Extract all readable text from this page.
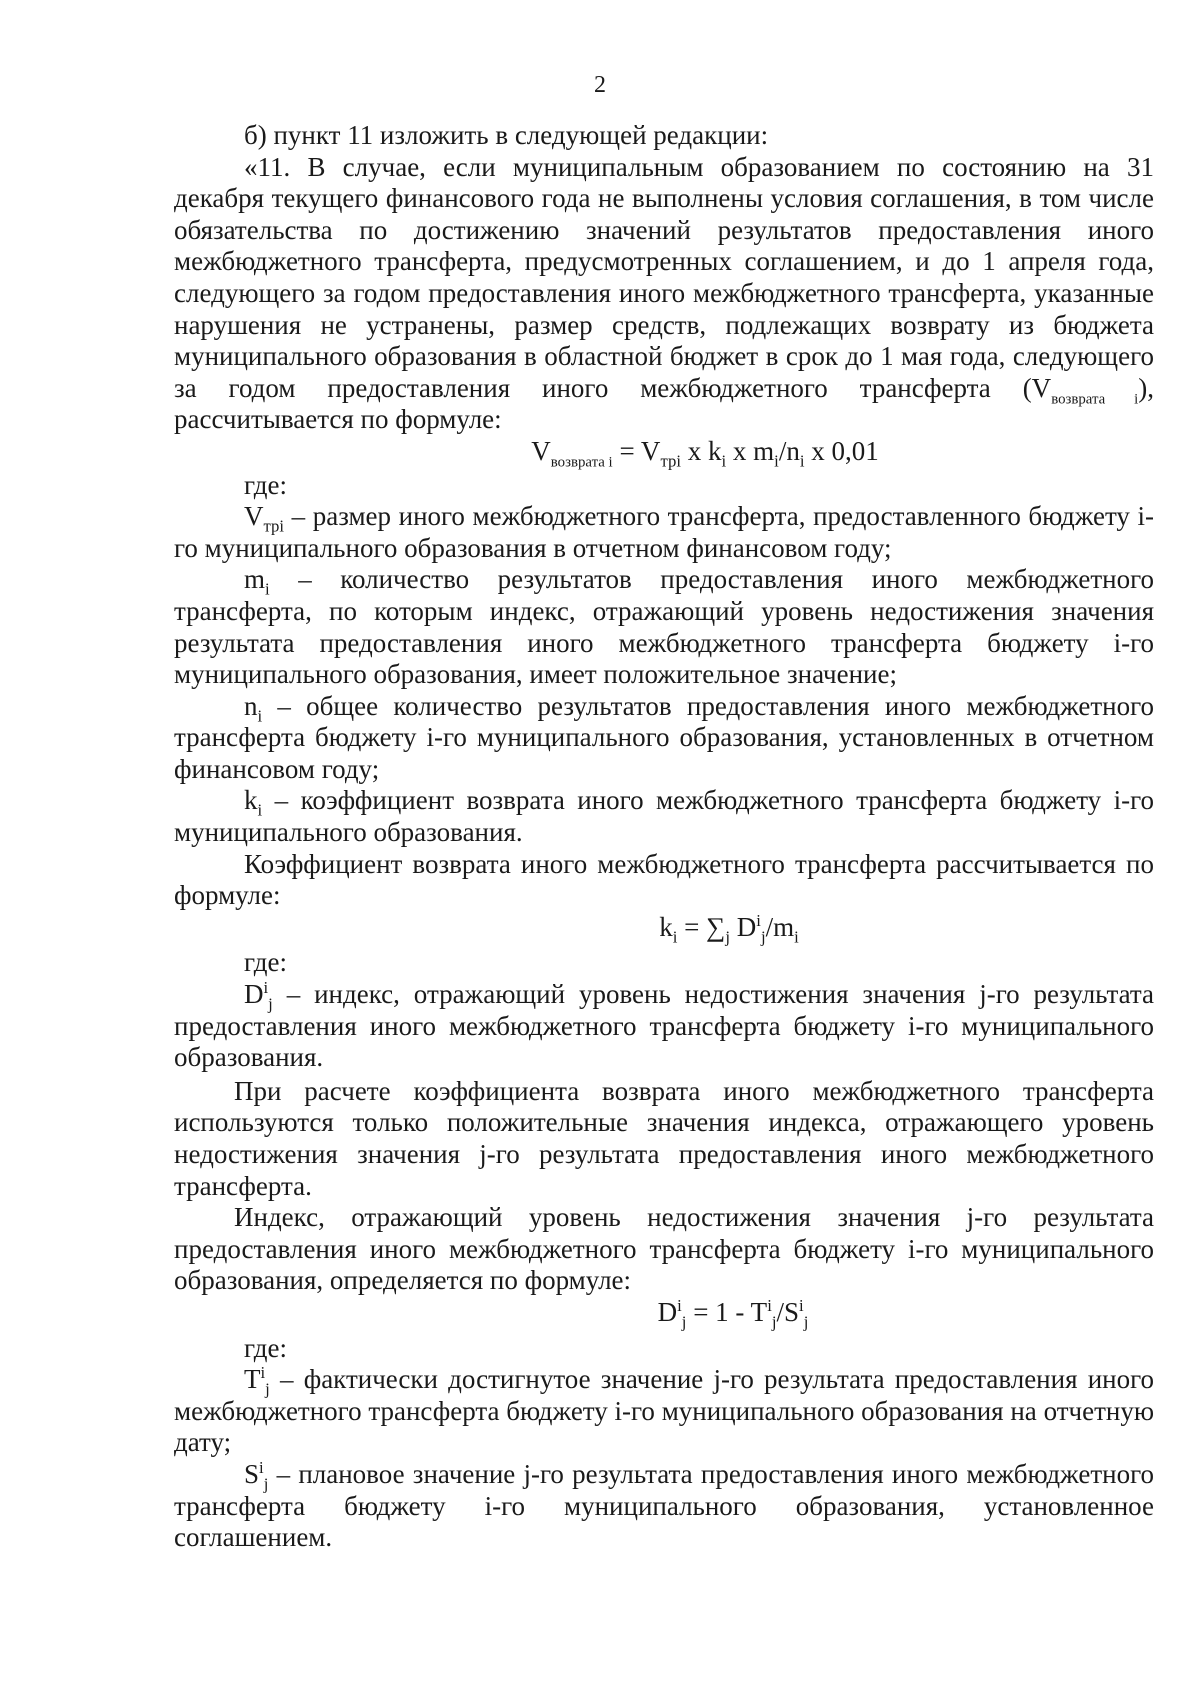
2

б) пункт 11 изложить в следующей редакции:

«11. В случае, если муниципальным образованием по состоянию на 31 декабря текущего финансового года не выполнены условия соглашения, в том числе обязательства по достижению значений результатов предоставления иного межбюджетного трансферта, предусмотренных соглашением, и до 1 апреля года, следующего за годом предоставления иного межбюджетного трансферта, указанные нарушения не устранены, размер средств, подлежащих возврату из бюджета муниципального образования в областной бюджет в срок до 1 мая года, следующего за годом предоставления иного межбюджетного трансферта $(V_{возврата i})$, рассчитывается по формуле:

$V_{возврата i} = V_{трi}$ x $k_i$ x $m_i/n_i$ x 0,01

где:

$V_{трi}$ – размер иного межбюджетного трансферта, предоставленного бюджету i-го муниципального образования в отчетном финансовом году;

$m_i$ – количество результатов предоставления иного межбюджетного трансферта, по которым индекс, отражающий уровень недостижения значения результата предоставления иного межбюджетного трансферта бюджету i-го муниципального образования, имеет положительное значение;

$n_i$ – общее количество результатов предоставления иного межбюджетного трансферта бюджету i-го муниципального образования, установленных в отчетном финансовом году;

$k_i$ – коэффициент возврата иного межбюджетного трансферта бюджету i-го муниципального образования.

Коэффициент возврата иного межбюджетного трансферта рассчитывается по формуле:

$k_i = \sum_j$ $D^i_j/m_i$

где:

$D^i_j$ – индекс, отражающий уровень недостижения значения j-го результата предоставления иного межбюджетного трансферта бюджету i-го муниципального образования.

При расчете коэффициента возврата иного межбюджетного трансферта используются только положительные значения индекса, отражающего уровень недостижения значения j-го результата предоставления иного межбюджетного трансферта.

Индекс, отражающий уровень недостижения значения j-го результата предоставления иного межбюджетного трансферта бюджету i-го муниципального образования, определяется по формуле:

$D^i_j = 1 - T^i_j/S^i_j$

где:

$T^i_j$ – фактически достигнутое значение j-го результата предоставления иного межбюджетного трансферта бюджету i-го муниципального образования на отчетную дату;

$S^i_j$ – плановое значение j-го результата предоставления иного межбюджетного трансферта бюджету i-го муниципального образования, установленное соглашением.
